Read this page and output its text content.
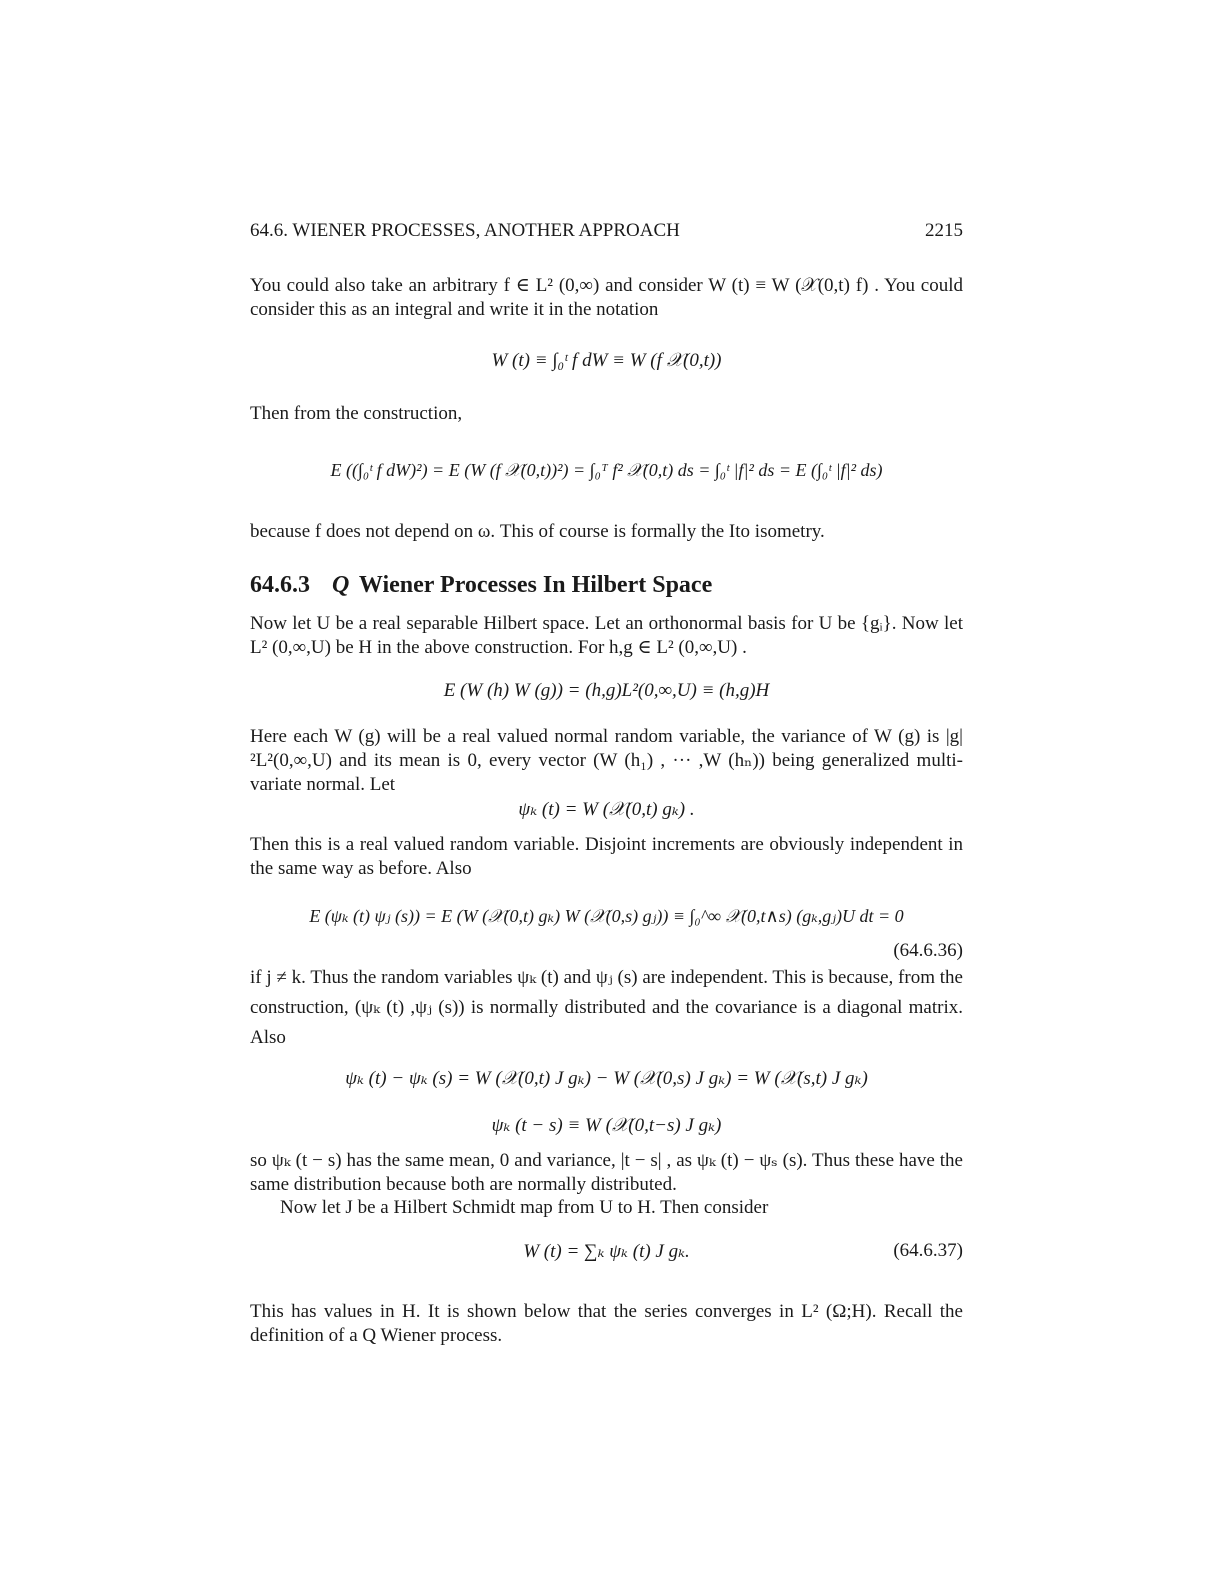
64.6. WIENER PROCESSES, ANOTHER APPROACH	2215
You could also take an arbitrary f ∈ L² (0,∞) and consider W (t) ≡ W (𝒳(0,t) f) . You could consider this as an integral and write it in the notation
W (t) ≡ ∫₀ᵗ f dW ≡ W (f 𝒳(0,t))
Then from the construction,
E ((∫₀ᵗ f dW)²) = E (W (f 𝒳(0,t))²) = ∫₀ᵀ f² 𝒳(0,t) ds = ∫₀ᵗ |f|² ds = E (∫₀ᵗ |f|² ds)
because f does not depend on ω. This of course is formally the Ito isometry.
64.6.3 Q Wiener Processes In Hilbert Space
Now let U be a real separable Hilbert space. Let an orthonormal basis for U be {gᵢ}. Now let L² (0,∞,U) be H in the above construction. For h,g ∈ L² (0,∞,U) .
E (W (h) W (g)) = (h,g)L²(0,∞,U) ≡ (h,g)H
Here each W (g) will be a real valued normal random variable, the variance of W (g) is |g|²L²(0,∞,U) and its mean is 0, every vector (W (h₁) , ··· ,W (hₙ)) being generalized multi-variate normal. Let
ψₖ (t) = W (𝒳(0,t) gₖ) .
Then this is a real valued random variable. Disjoint increments are obviously independent in the same way as before. Also
E (ψₖ (t) ψⱼ (s)) = E (W (𝒳(0,t) gₖ) W (𝒳(0,s) gⱼ)) ≡ ∫₀^∞ 𝒳(0,t∧s) (gₖ,gⱼ)U dt = 0
(64.6.36)
if j ≠ k. Thus the random variables ψₖ (t) and ψⱼ (s) are independent. This is because, from the construction, (ψₖ (t) ,ψⱼ (s)) is normally distributed and the covariance is a diagonal matrix. Also
ψₖ (t) − ψₖ (s) = W (𝒳(0,t) J gₖ) − W (𝒳(0,s) J gₖ) = W (𝒳(s,t) J gₖ)
ψₖ (t − s) ≡ W (𝒳(0,t−s) J gₖ)
so ψₖ (t − s) has the same mean, 0 and variance, |t − s| , as ψₖ (t) − ψₛ (s). Thus these have the same distribution because both are normally distributed.
Now let J be a Hilbert Schmidt map from U to H. Then consider
W (t) = ∑ₖ ψₖ (t) J gₖ.	(64.6.37)
This has values in H. It is shown below that the series converges in L² (Ω;H). Recall the definition of a Q Wiener process.
